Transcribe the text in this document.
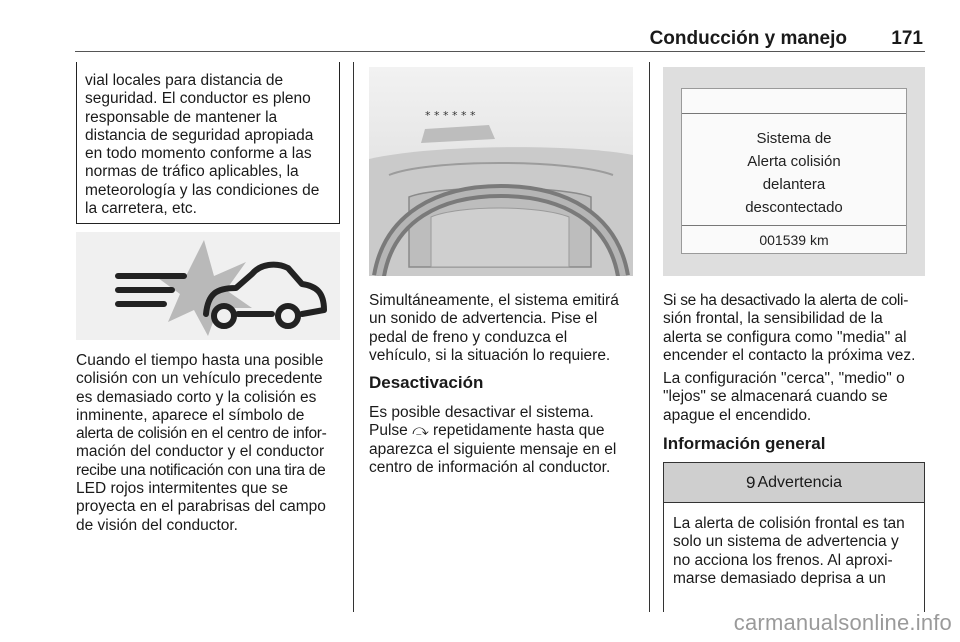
Conducción y manejo 171

vial locales para distancia de

seguridad. El conductor es pleno

responsable de mantener la

distancia de seguridad apropiada

en todo momento conforme a las

normas de tráfico aplicables, la

meteorología y las condiciones de

la carretera, etc.

Cuando el tiempo hasta una posible

colisión con un vehículo precedente

es demasiado corto y la colisión es

inminente, aparece el símbolo de

alerta de colisión en el centro de infor-

mación del conductor y el conductor

recibe una notificación con una tira de

LED rojos intermitentes que se

proyecta en el parabrisas del campo

de visión del conductor.

* * * * * *

Simultáneamente, el sistema emitirá

un sonido de advertencia. Pise el

pedal de freno y conduzca el

vehículo, si la situación lo requiere.

Desactivación

Es posible desactivar el sistema.

Pulse ⤼ repetidamente hasta que

aparezca el siguiente mensaje en el

centro de información al conductor.

Sistema de
Alerta colisión
delantera
descontectado
001539 km

Si se ha desactivado la alerta de coli-

sión frontal, la sensibilidad de la

alerta se configura como "media" al

encender el contacto la próxima vez.

La configuración "cerca", "medio" o

"lejos" se almacenará cuando se

apague el encendido.

Información general
9 Advertencia

La alerta de colisión frontal es tan

solo un sistema de advertencia y

no acciona los frenos. Al aproxi-

marse demasiado deprisa a un

carmanualsonline.info
